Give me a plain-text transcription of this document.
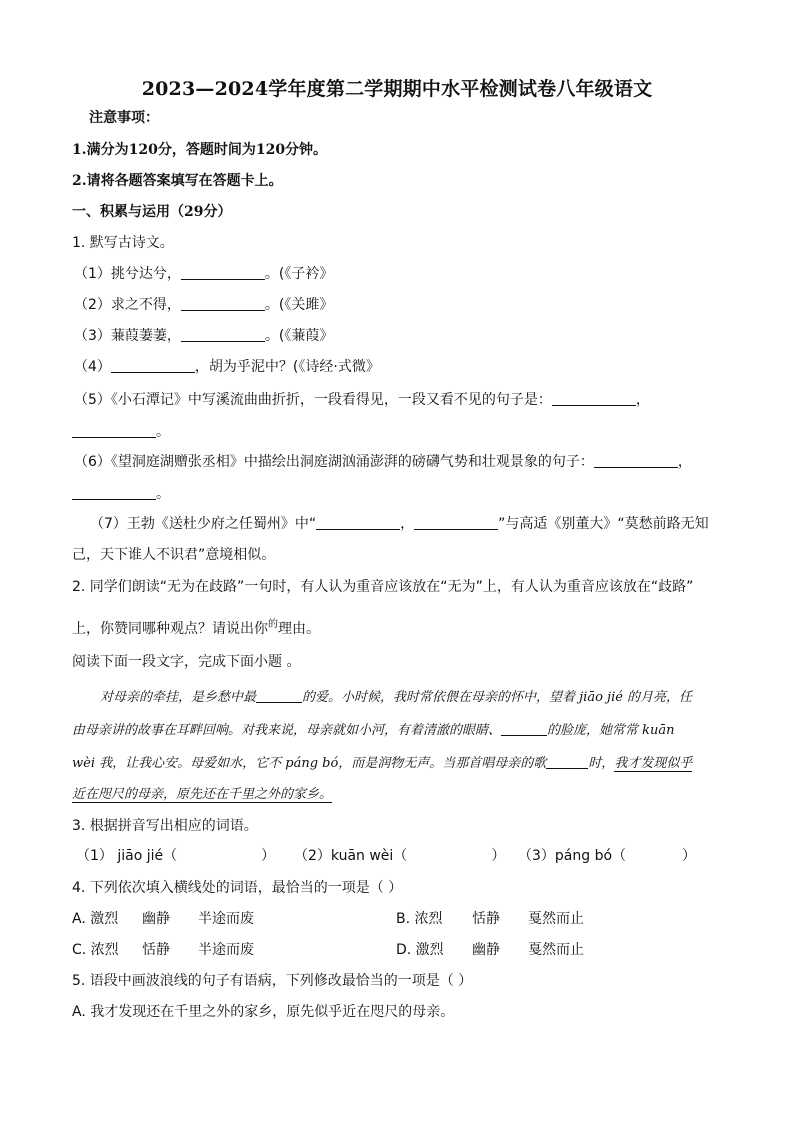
2023—2024学年度第二学期期中水平检测试卷八年级语文
注意事项：
1.满分为120分，答题时间为120分钟。
2.请将各题答案填写在答题卡上。
一、积累与运用（29分）
1. 默写古诗文。
（1）挑兮达兮，	。(《子衿》
（2）求之不得，	。(《关雎》
（3）蒹葭萋萋，	。(《蒹葭》
（4）	，胡为乎泥中？(《诗经·式微》
（5）《小石潭记》中写溪流曲曲折折，一段看得见，一段又看不见的句子是：	，
。
（6）《望洞庭湖赠张丞相》中描绘出洞庭湖汹涌澎湃的磅礴气势和壮观景象的句子：	，
。
（7）王勃《送杜少府之任蜀州》中“	，	”与高适《别董大》“莫愁前路无知
己，天下谁人不识君”意境相似。
2. 同学们朗读“无为在歧路”一句时，有人认为重音应该放在“无为”上，有人认为重音应该放在“歧路”
上，你赞同哪种观点？请说出你$^的$理由。
阅读下面一段文字，完成下面小题 。
对母亲的牵挂，是乡愁中最	的爱。小时候，我时常依偎在母亲的怀中，望着 jiāo jié 的月亮，任
由母亲讲的故事在耳畔回响。对我来说，母亲就如小河，有着清澈的眼睛、	的脸庞，她常常 kuān
wèi 我，让我心安。母爱如水，它不 páng bó，而是润物无声。当那首唱母亲的歌	时，我才发现似乎
近在咫尺的母亲，原先还在千里之外的家乡。
3. 根据拼音写出相应的词语。
（1） jiāo jié（	） （2）kuān wèi（	） （3）páng bó（	）
4. 下列依次填入横线处的词语，最恰当的一项是（ ）
A. 激烈 幽静 半途而废	B. 浓烈 恬静 戛然而止
C. 浓烈 恬静 半途而废	D. 激烈 幽静 戛然而止
5. 语段中画波浪线的句子有语病，下列修改最恰当的一项是（ ）
A. 我才发现还在千里之外的家乡，原先似乎近在咫尺的母亲。
